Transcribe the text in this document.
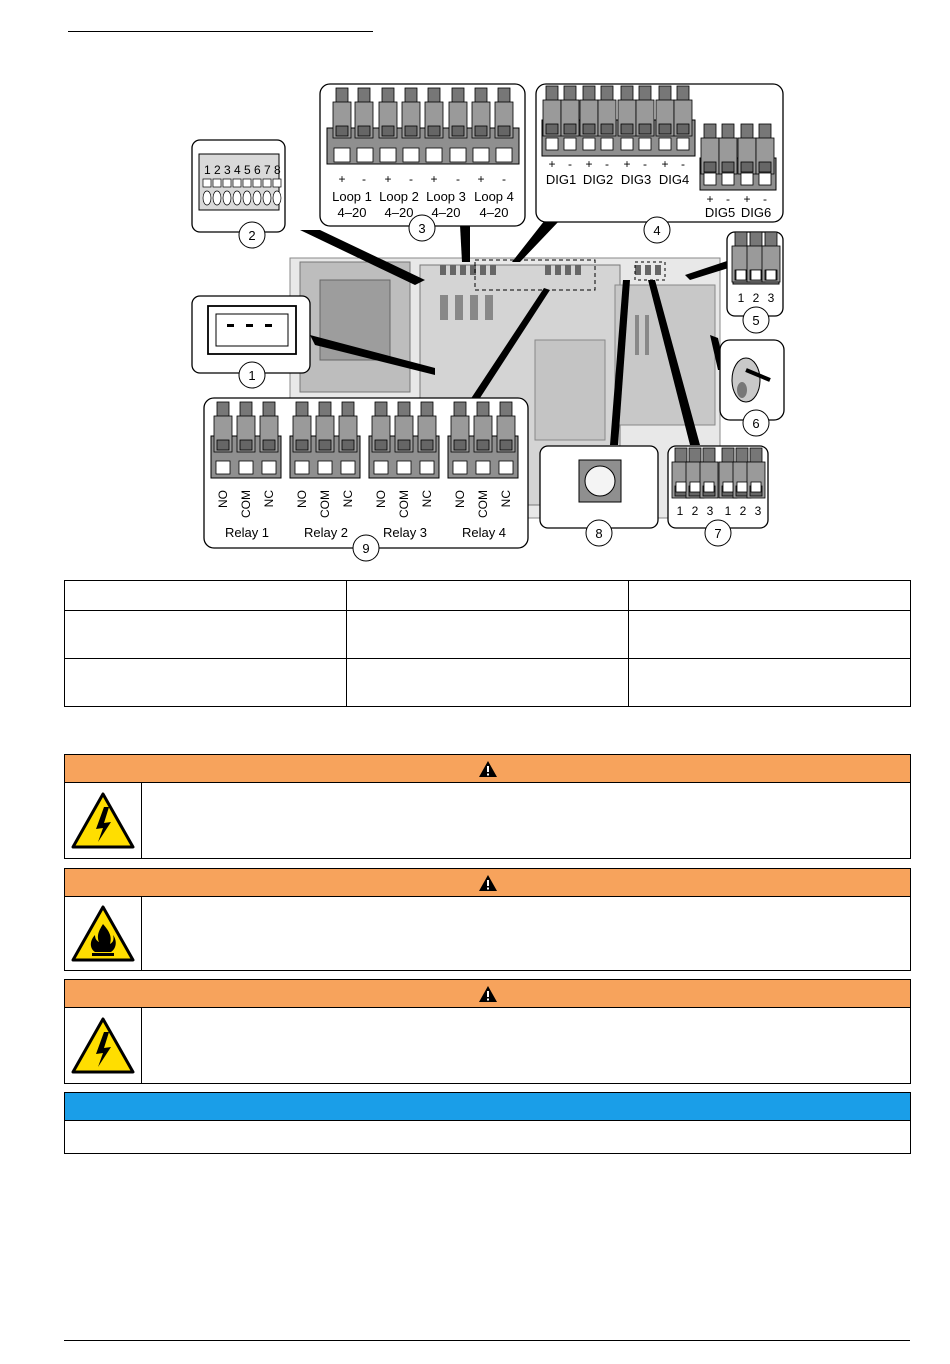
1 2 3 4 5 6 7 8
+ - + - + - + -
Loop 1 Loop 2 Loop 3 Loop 4
4–20 4–20 4–20 4–20
+ - + - + - + -
DIG1 DIG2 DIG3 DIG4
+ - + -
DIG5 DIG6
1 2 3
1 2 3 1 2 3
NO COM NC NO COM NC NO COM NC NO COM NC
Relay 1	Relay 2	Relay 3	Relay 4
1
2	3	4
5
6
7
8
9
